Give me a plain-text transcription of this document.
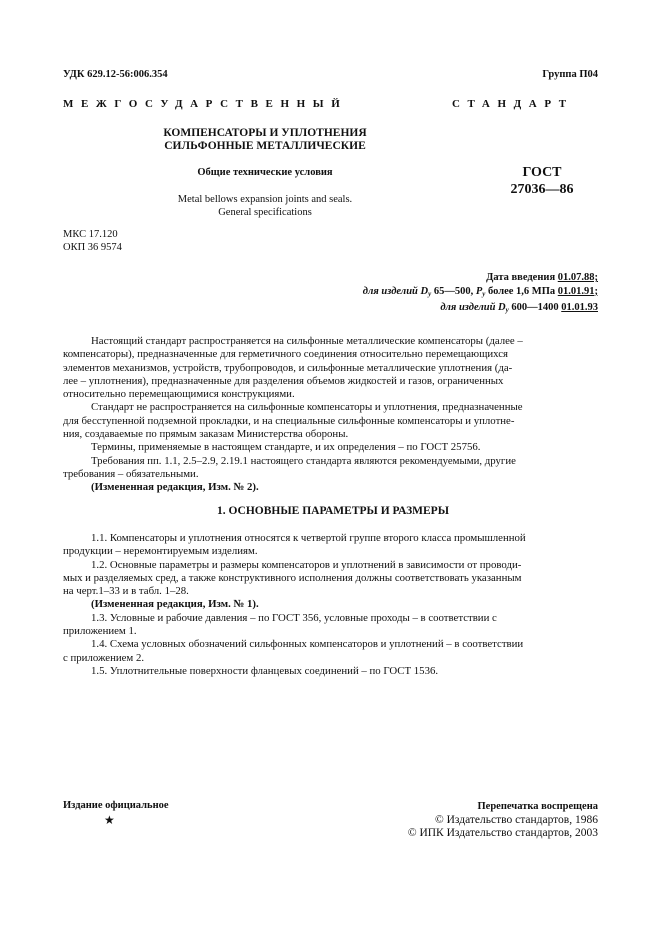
УДК 629.12-56:006.354	Группа П04
МЕЖГОСУДАРСТВЕННЫЙ	СТАНДАРТ
КОМПЕНСАТОРЫ И УПЛОТНЕНИЯ
СИЛЬФОННЫЕ МЕТАЛЛИЧЕСКИЕ
Общие технические условия
Metal bellows expansion joints and seals.
General specifications
ГОСТ
27036—86
МКС 17.120
ОКП 36 9574
Дата введения 01.07.88;
для изделий $D_у$ 65—500, $Р_у$ более 1,6 МПа 01.01.91;
для изделий $D_у$ 600—1400 01.01.93
Настоящий стандарт распространяется на сильфонные металлические компенсаторы (далее –
компенсаторы), предназначенные для герметичного соединения относительно перемещающихся
элементов механизмов, устройств, трубопроводов, и сильфонные металлические уплотнения (да-
лее – уплотнения), предназначенные для разделения объемов жидкостей и газов, ограниченных
относительно перемещающимися конструкциями.
Стандарт не распространяется на сильфонные компенсаторы и уплотнения, предназначенные
для бесступенной подземной прокладки, и на специальные сильфонные компенсаторы и уплотне-
ния, создаваемые по прямым заказам Министерства обороны.
Термины, применяемые в настоящем стандарте, и их определения – по ГОСТ 25756.
Требования пп. 1.1, 2.5–2.9, 2.19.1 настоящего стандарта являются рекомендуемыми, другие
требования – обязательными.
(Измененная редакция, Изм. № 2).
1. ОСНОВНЫЕ ПАРАМЕТРЫ И РАЗМЕРЫ
1.1. Компенсаторы и уплотнения относятся к четвертой группе второго класса промышленной
продукции – неремонтируемым изделиям.
1.2. Основные параметры и размеры компенсаторов и уплотнений в зависимости от проводи-
мых и разделяемых сред, а также конструктивного исполнения должны соответствовать указанным
на черт.1–33 и в табл. 1–28.
(Измененная редакция, Изм. № 1).
1.3. Условные и рабочие давления – по ГОСТ 356, условные проходы – в соответствии с
приложением 1.
1.4. Схема условных обозначений сильфонных компенсаторов и уплотнений – в соответствии
с приложением 2.
1.5. Уплотнительные поверхности фланцевых соединений – по ГОСТ 1536.
Издание официальное
★
Перепечатка воспрещена
© Издательство стандартов, 1986
© ИПК Издательство стандартов, 2003
